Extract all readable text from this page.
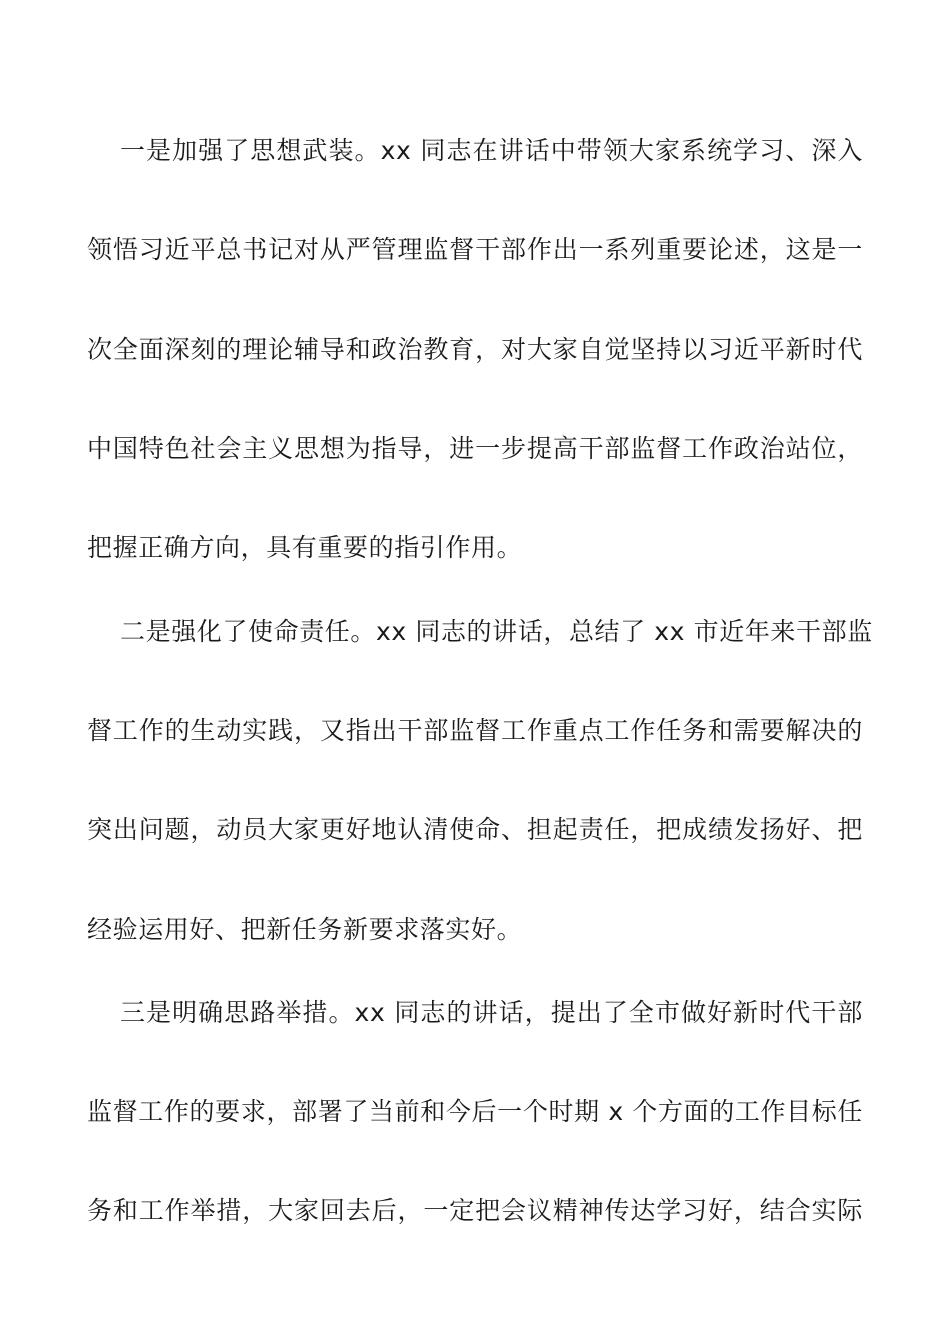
一是加强了思想武装。xx 同志在讲话中带领大家系统学习、深入
领悟习近平总书记对从严管理监督干部作出一系列重要论述，这是一
次全面深刻的理论辅导和政治教育，对大家自觉坚持以习近平新时代
中国特色社会主义思想为指导，进一步提高干部监督工作政治站位，
把握正确方向，具有重要的指引作用。
二是强化了使命责任。xx 同志的讲话，总结了 xx 市近年来干部监
督工作的生动实践，又指出干部监督工作重点工作任务和需要解决的
突出问题，动员大家更好地认清使命、担起责任，把成绩发扬好、把
经验运用好、把新任务新要求落实好。
三是明确思路举措。xx 同志的讲话，提出了全市做好新时代干部
监督工作的要求，部署了当前和今后一个时期 x 个方面的工作目标任
务和工作举措，大家回去后，一定把会议精神传达学习好，结合实际
